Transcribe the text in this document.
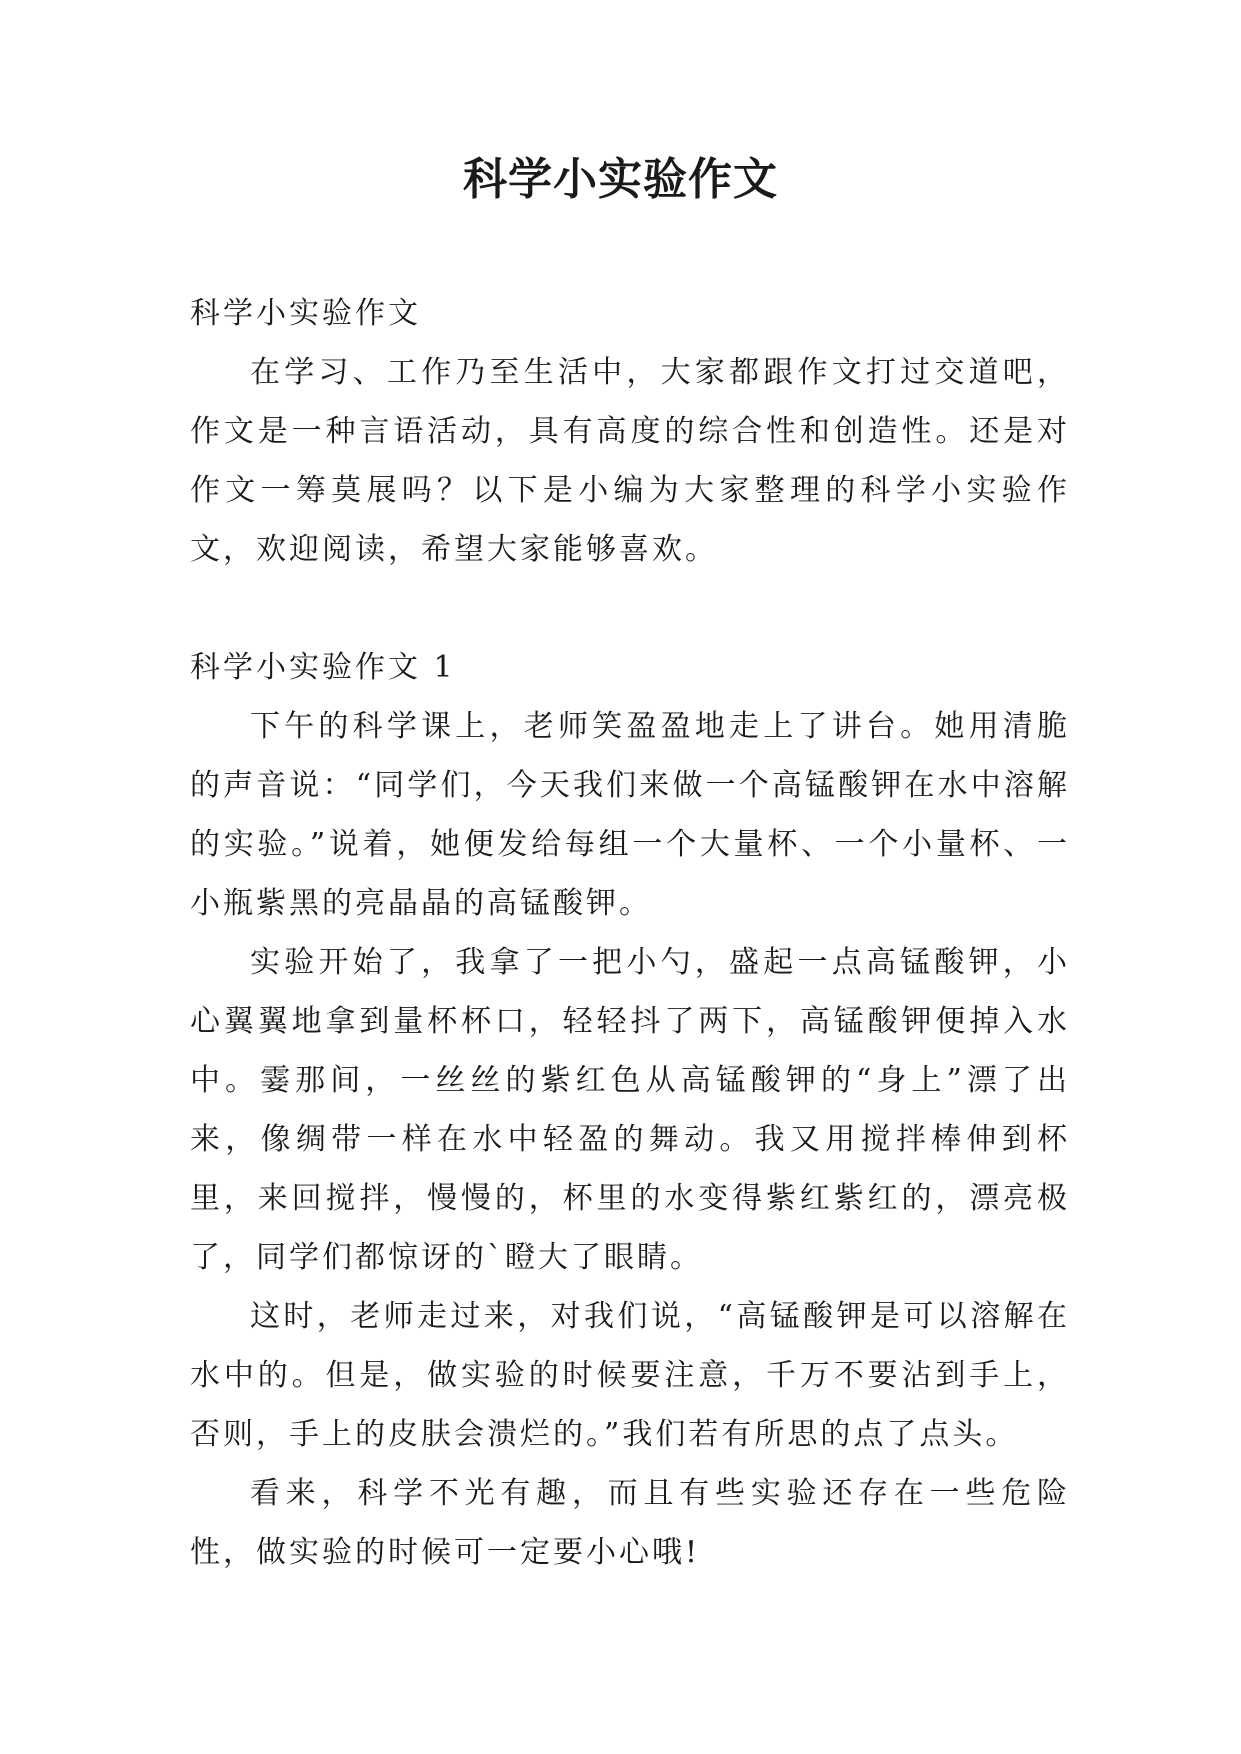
科学小实验作文

科学小实验作文

在学习、工作乃至生活中，大家都跟作文打过交道吧，作文是一种言语活动，具有高度的综合性和创造性。还是对作文一筹莫展吗？以下是小编为大家整理的科学小实验作文，欢迎阅读，希望大家能够喜欢。

科学小实验作文 1

下午的科学课上，老师笑盈盈地走上了讲台。她用清脆的声音说：“同学们，今天我们来做一个高锰酸钾在水中溶解的实验。”说着，她便发给每组一个大量杯、一个小量杯、一小瓶紫黑的亮晶晶的高锰酸钾。

实验开始了，我拿了一把小勺，盛起一点高锰酸钾，小心翼翼地拿到量杯杯口，轻轻抖了两下，高锰酸钾便掉入水中。霎那间，一丝丝的紫红色从高锰酸钾的“身上”漂了出来，像绸带一样在水中轻盈的舞动。我又用搅拌棒伸到杯里，来回搅拌，慢慢的，杯里的水变得紫红紫红的，漂亮极了，同学们都惊讶的`瞪大了眼睛。

这时，老师走过来，对我们说，“高锰酸钾是可以溶解在水中的。但是，做实验的时候要注意，千万不要沾到手上，否则，手上的皮肤会溃烂的。”我们若有所思的点了点头。

看来，科学不光有趣，而且有些实验还存在一些危险性，做实验的时候可一定要小心哦!
